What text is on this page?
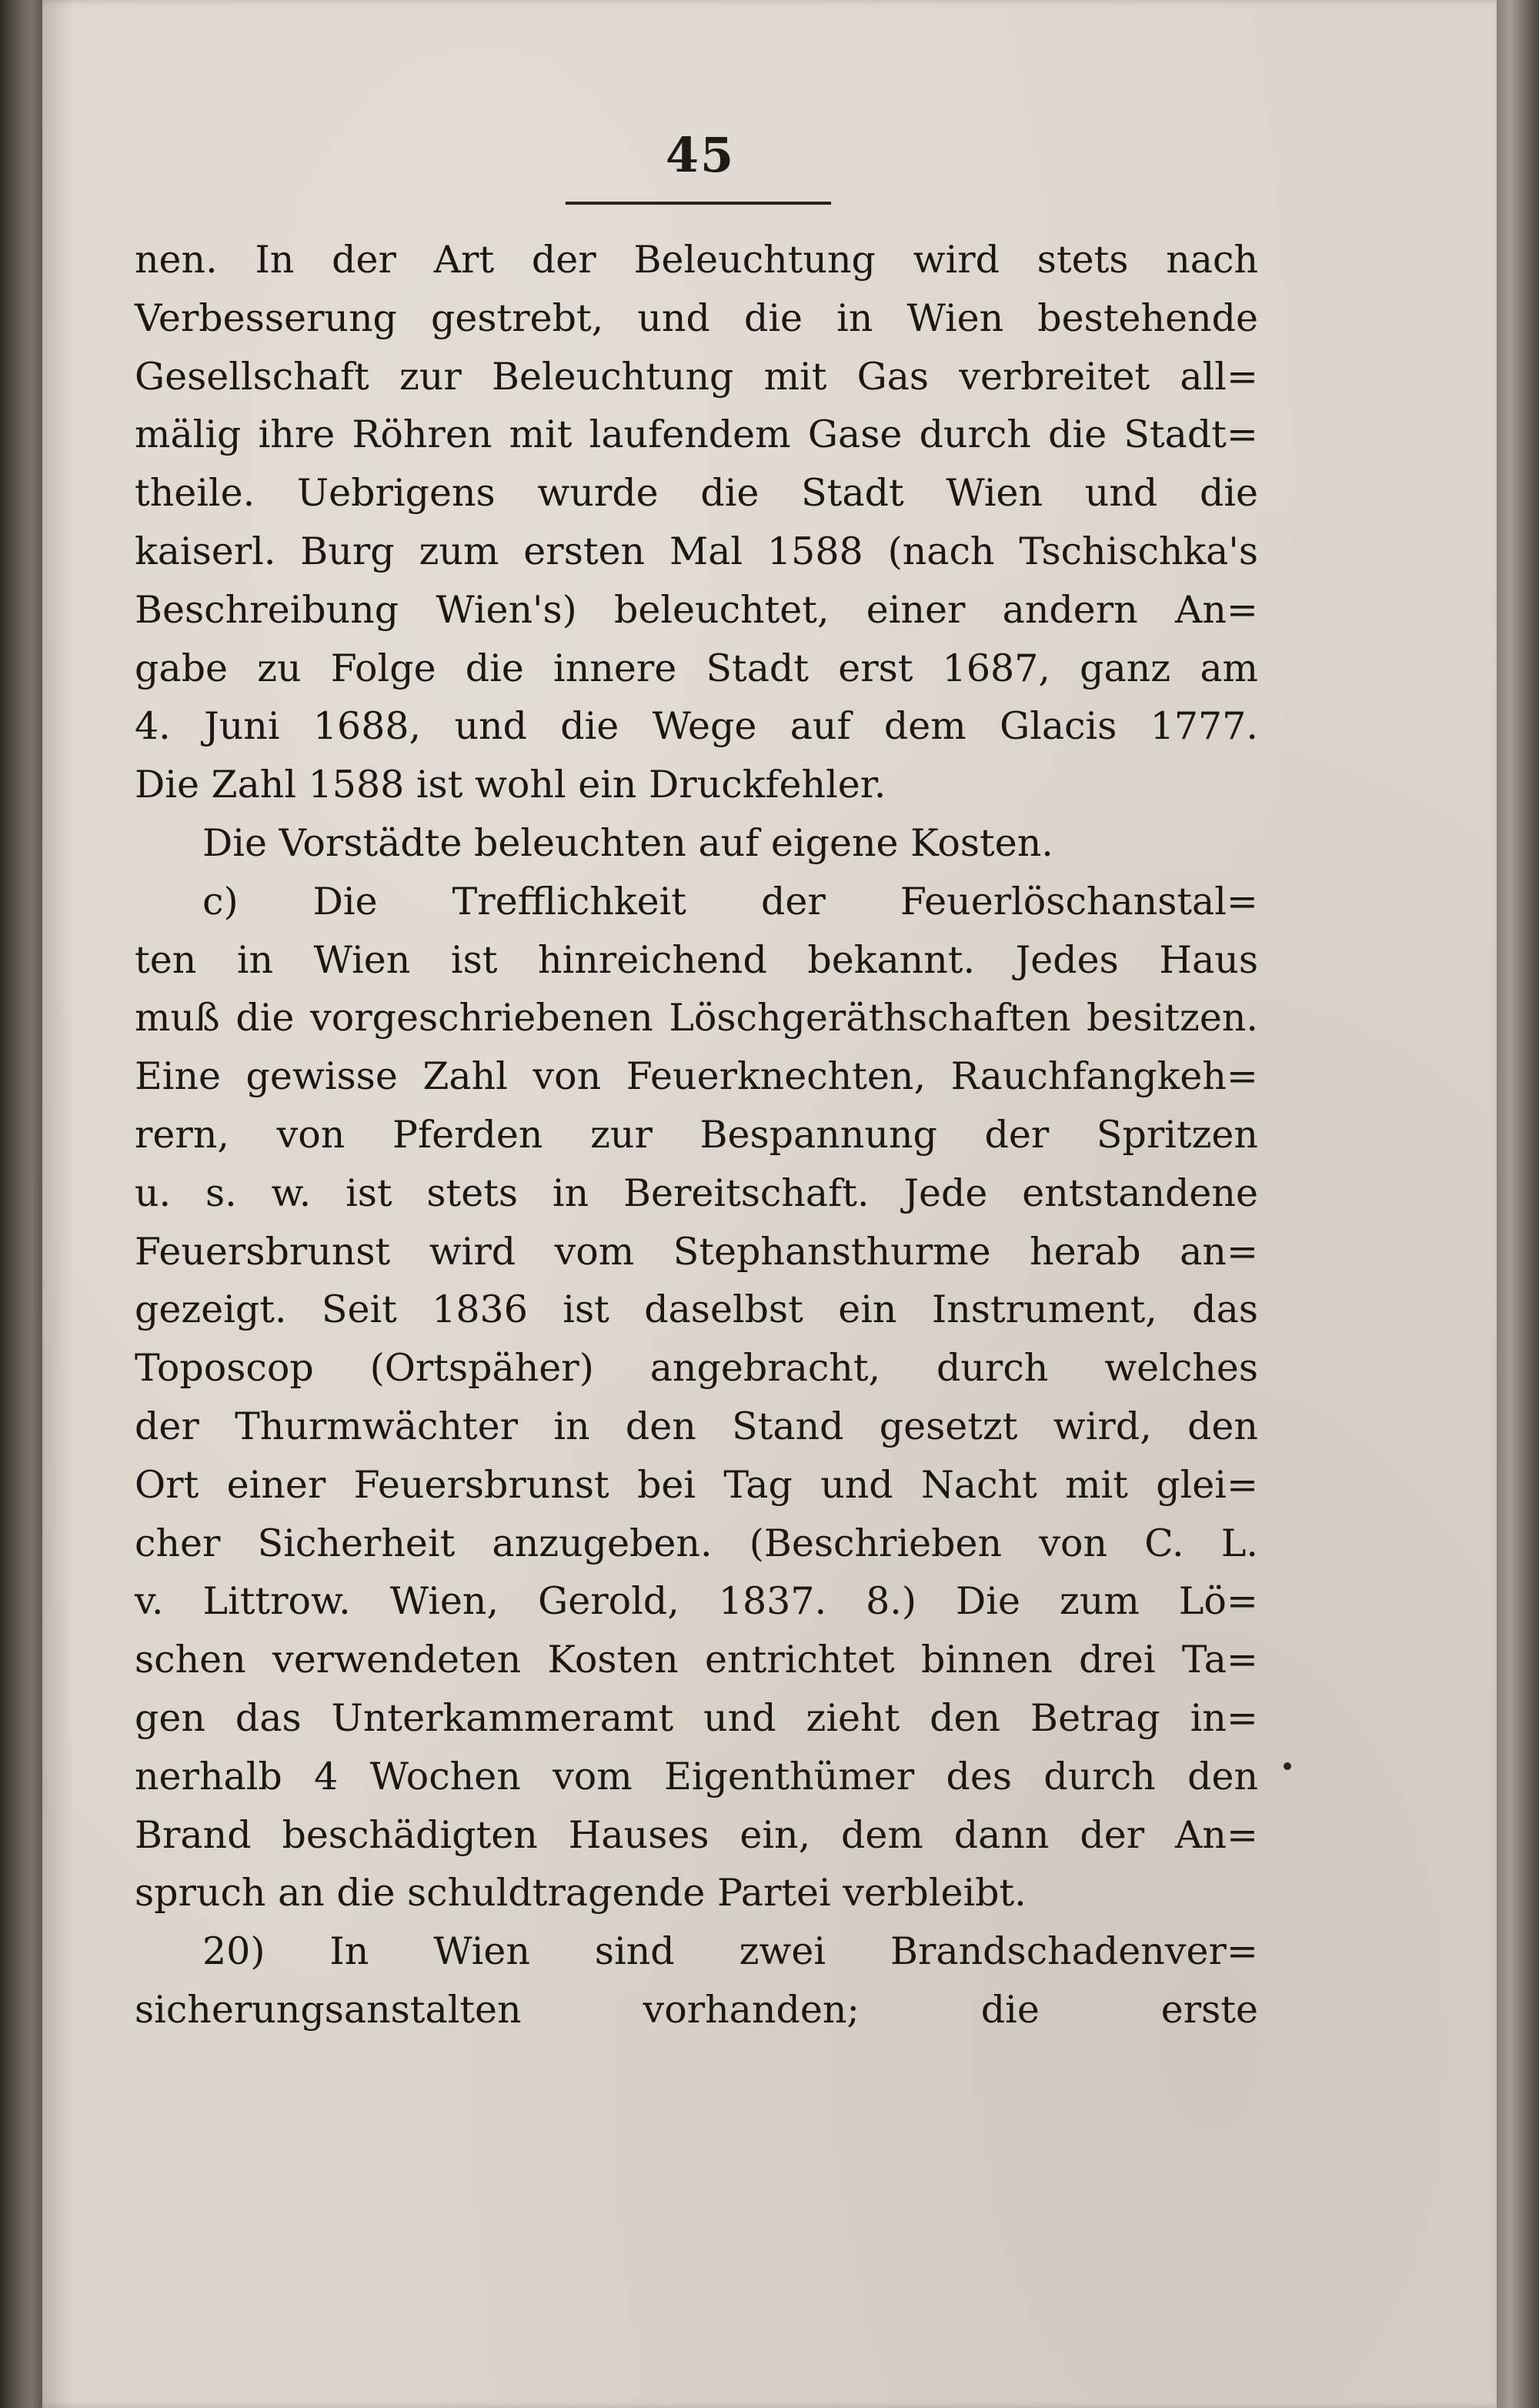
45
nen. In der Art der Beleuchtung wird stets nach
Verbesserung gestrebt, und die in Wien bestehende
Gesellschaft zur Beleuchtung mit Gas verbreitet all=
mälig ihre Röhren mit laufendem Gase durch die Stadt=
theile. Uebrigens wurde die Stadt Wien und die
kaiserl. Burg zum ersten Mal 1588 (nach Tschischka's
Beschreibung Wien's) beleuchtet, einer andern An=
gabe zu Folge die innere Stadt erst 1687, ganz am
4. Juni 1688, und die Wege auf dem Glacis 1777.
Die Zahl 1588 ist wohl ein Druckfehler.
Die Vorstädte beleuchten auf eigene Kosten.
c) Die Trefflichkeit der Feuerlöschanstal=
ten in Wien ist hinreichend bekannt. Jedes Haus
muß die vorgeschriebenen Löschgeräthschaften besitzen.
Eine gewisse Zahl von Feuerknechten, Rauchfangkeh=
rern, von Pferden zur Bespannung der Spritzen
u. s. w. ist stets in Bereitschaft. Jede entstandene
Feuersbrunst wird vom Stephansthurme herab an=
gezeigt. Seit 1836 ist daselbst ein Instrument, das
Toposcop (Ortspäher) angebracht, durch welches
der Thurmwächter in den Stand gesetzt wird, den
Ort einer Feuersbrunst bei Tag und Nacht mit glei=
cher Sicherheit anzugeben. (Beschrieben von C. L.
v. Littrow. Wien, Gerold, 1837. 8.) Die zum Lö=
schen verwendeten Kosten entrichtet binnen drei Ta=
gen das Unterkammeramt und zieht den Betrag in=
nerhalb 4 Wochen vom Eigenthümer des durch den
Brand beschädigten Hauses ein, dem dann der An=
spruch an die schuldtragende Partei verbleibt.
20) In Wien sind zwei Brandschadenver=
sicherungsanstalten vorhanden; die erste
